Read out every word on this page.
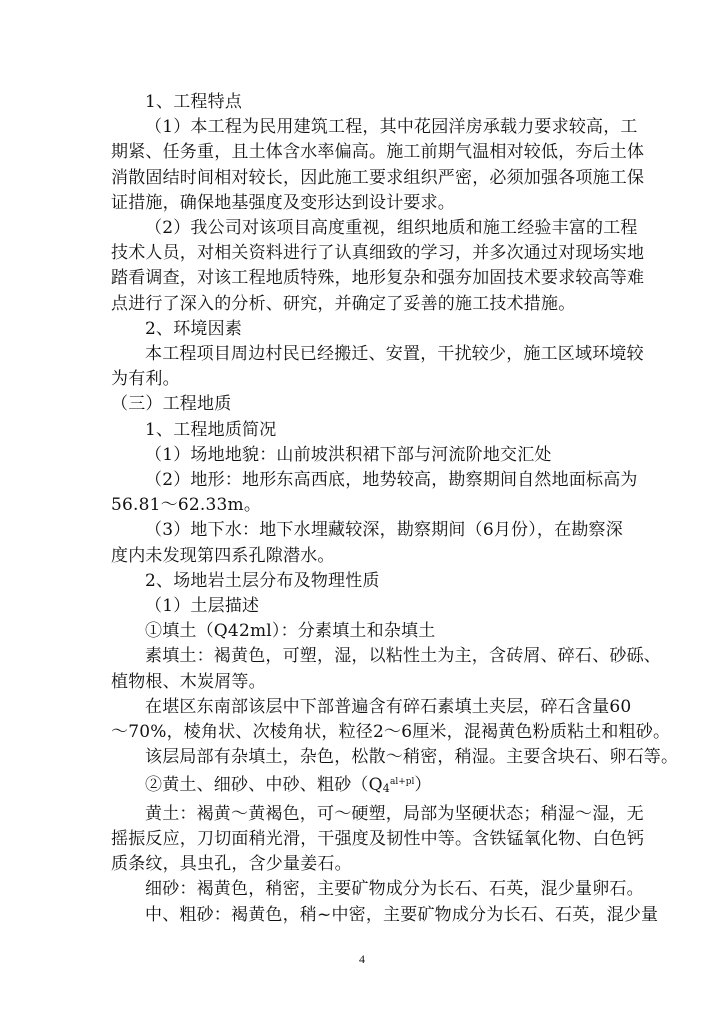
1、工程特点
（1）本工程为民用建筑工程，其中花园洋房承载力要求较高，工
期紧、任务重，且土体含水率偏高。施工前期气温相对较低，夯后土体
消散固结时间相对较长，因此施工要求组织严密，必须加强各项施工保
证措施，确保地基强度及变形达到设计要求。
（2）我公司对该项目高度重视，组织地质和施工经验丰富的工程
技术人员，对相关资料进行了认真细致的学习，并多次通过对现场实地
踏看调查，对该工程地质特殊，地形复杂和强夯加固技术要求较高等难
点进行了深入的分析、研究，并确定了妥善的施工技术措施。
2、环境因素
本工程项目周边村民已经搬迁、安置，干扰较少，施工区域环境较
为有利。
（三）工程地质
1、工程地质简况
（1）场地地貌：山前坡洪积裙下部与河流阶地交汇处
（2）地形：地形东高西底，地势较高，勘察期间自然地面标高为
56.81～62.33m。
（3）地下水：地下水埋藏较深，勘察期间（6月份），在勘察深
度内未发现第四系孔隙潜水。
2、场地岩土层分布及物理性质
（1）土层描述
①填土（Q42ml）：分素填土和杂填土
素填土：褐黄色，可塑，湿，以粘性土为主，含砖屑、碎石、砂砾、
植物根、木炭屑等。
在堪区东南部该层中下部普遍含有碎石素填土夹层，碎石含量60
～70%，棱角状、次棱角状，粒径2～6厘米，混褐黄色粉质粘土和粗砂。
该层局部有杂填土，杂色，松散～稍密，稍湿。主要含块石、卵石等。
②黄土、细砂、中砂、粗砂$(Q4^{al+pl})$
黄土：褐黄～黄褐色，可～硬塑，局部为坚硬状态；稍湿～湿，无
摇振反应，刀切面稍光滑，干强度及韧性中等。含铁锰氧化物、白色钙
质条纹，具虫孔，含少量姜石。
细砂：褐黄色，稍密，主要矿物成分为长石、石英，混少量卵石。
中、粗砂：褐黄色，稍~中密，主要矿物成分为长石、石英，混少量
4
